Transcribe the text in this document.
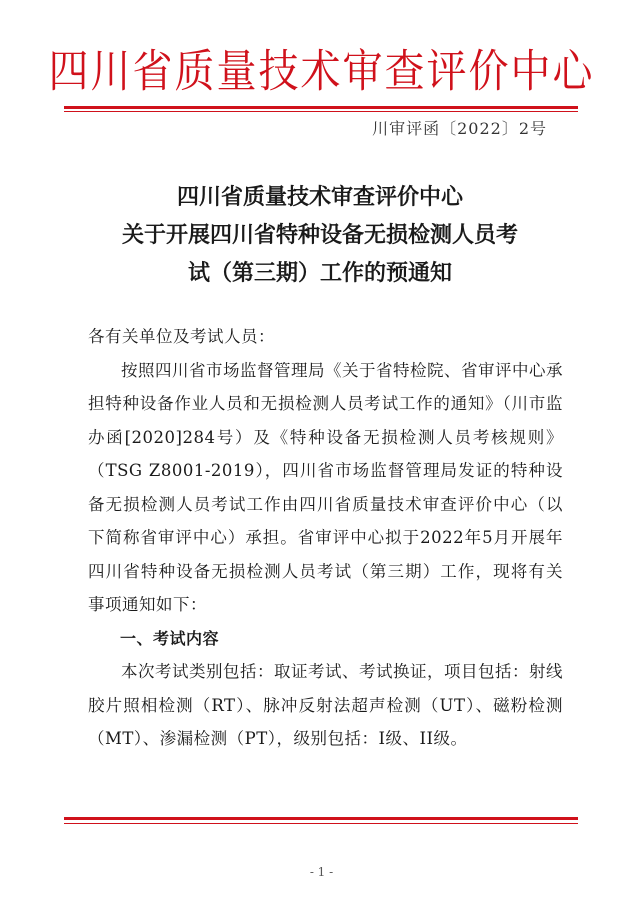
四川省质量技术审查评价中心
川审评函〔2022〕2号
四川省质量技术审查评价中心
关于开展四川省特种设备无损检测人员考
试（第三期）工作的预通知

各有关单位及考试人员：

按照四川省市场监督管理局《关于省特检院、省审评中心承担特种设备作业人员和无损检测人员考试工作的通知》（川市监办函[2020]284号）及《特种设备无损检测人员考核规则》（TSG Z8001-2019），四川省市场监督管理局发证的特种设备无损检测人员考试工作由四川省质量技术审查评价中心（以下简称省审评中心）承担。省审评中心拟于2022年5月开展年四川省特种设备无损检测人员考试（第三期）工作，现将有关事项通知如下：

一、考试内容

本次考试类别包括：取证考试、考试换证，项目包括：射线胶片照相检测（RT）、脉冲反射法超声检测（UT）、磁粉检测（MT）、渗漏检测（PT），级别包括：I级、II级。

- 1 -
